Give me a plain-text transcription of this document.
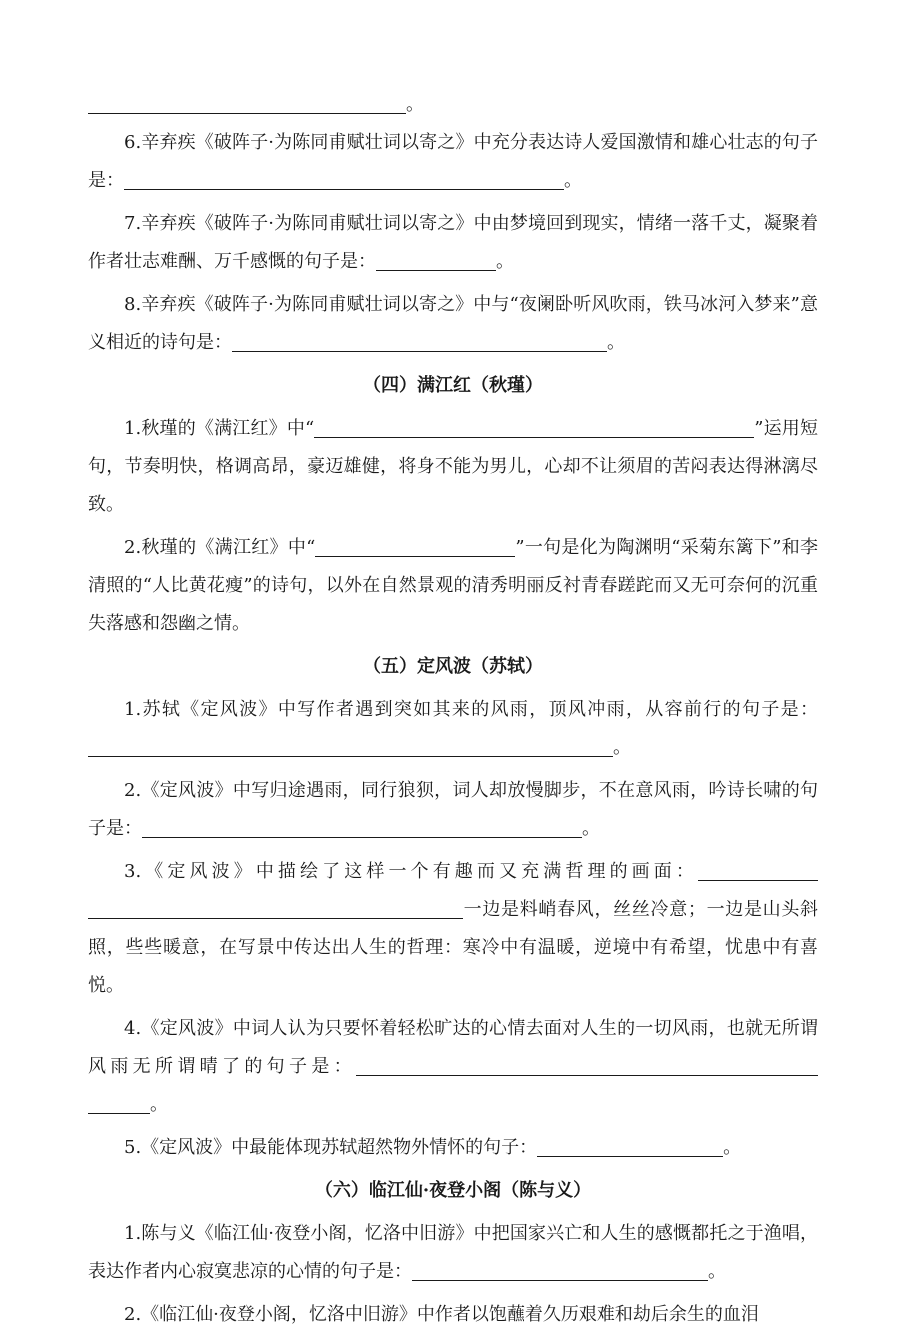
。

6.辛弃疾《破阵子·为陈同甫赋壮词以寄之》中充分表达诗人爱国激情和雄心壮志的句子是：	。

7.辛弃疾《破阵子·为陈同甫赋壮词以寄之》中由梦境回到现实，情绪一落千丈，凝聚着作者壮志难酬、万千感慨的句子是：	。

8.辛弃疾《破阵子·为陈同甫赋壮词以寄之》中与“夜阑卧听风吹雨，铁马冰河入梦来”意义相近的诗句是：	。

（四）满江红（秋瑾）

1.秋瑾的《满江红》中“	”运用短句，节奏明快，格调高昂，豪迈雄健，将身不能为男儿，心却不让须眉的苦闷表达得淋漓尽致。

2.秋瑾的《满江红》中“	”一句是化为陶渊明“采菊东篱下”和李清照的“人比黄花瘦”的诗句，以外在自然景观的清秀明丽反衬青春蹉跎而又无可奈何的沉重失落感和怨幽之情。

（五）定风波（苏轼）

1.苏轼《定风波》中写作者遇到突如其来的风雨，顶风冲雨，从容前行的句子是：。

2.《定风波》中写归途遇雨，同行狼狈，词人却放慢脚步，不在意风雨，吟诗长啸的句子是：	。

3.《定风波》中描绘了这样一个有趣而又充满哲理的画面：一边是料峭春风，丝丝冷意；一边是山头斜照，些些暖意，在写景中传达出人生的哲理：寒冷中有温暖，逆境中有希望，忧患中有喜悦。

4.《定风波》中词人认为只要怀着轻松旷达的心情去面对人生的一切风雨，也就无所谓风雨无所谓晴了的句子是：。

5.《定风波》中最能体现苏轼超然物外情怀的句子：	。

（六）临江仙·夜登小阁（陈与义）

1.陈与义《临江仙·夜登小阁，忆洛中旧游》中把国家兴亡和人生的感慨都托之于渔唱，表达作者内心寂寞悲凉的心情的句子是：	。

2.《临江仙·夜登小阁，忆洛中旧游》中作者以饱蘸着久历艰难和劫后余生的血泪
